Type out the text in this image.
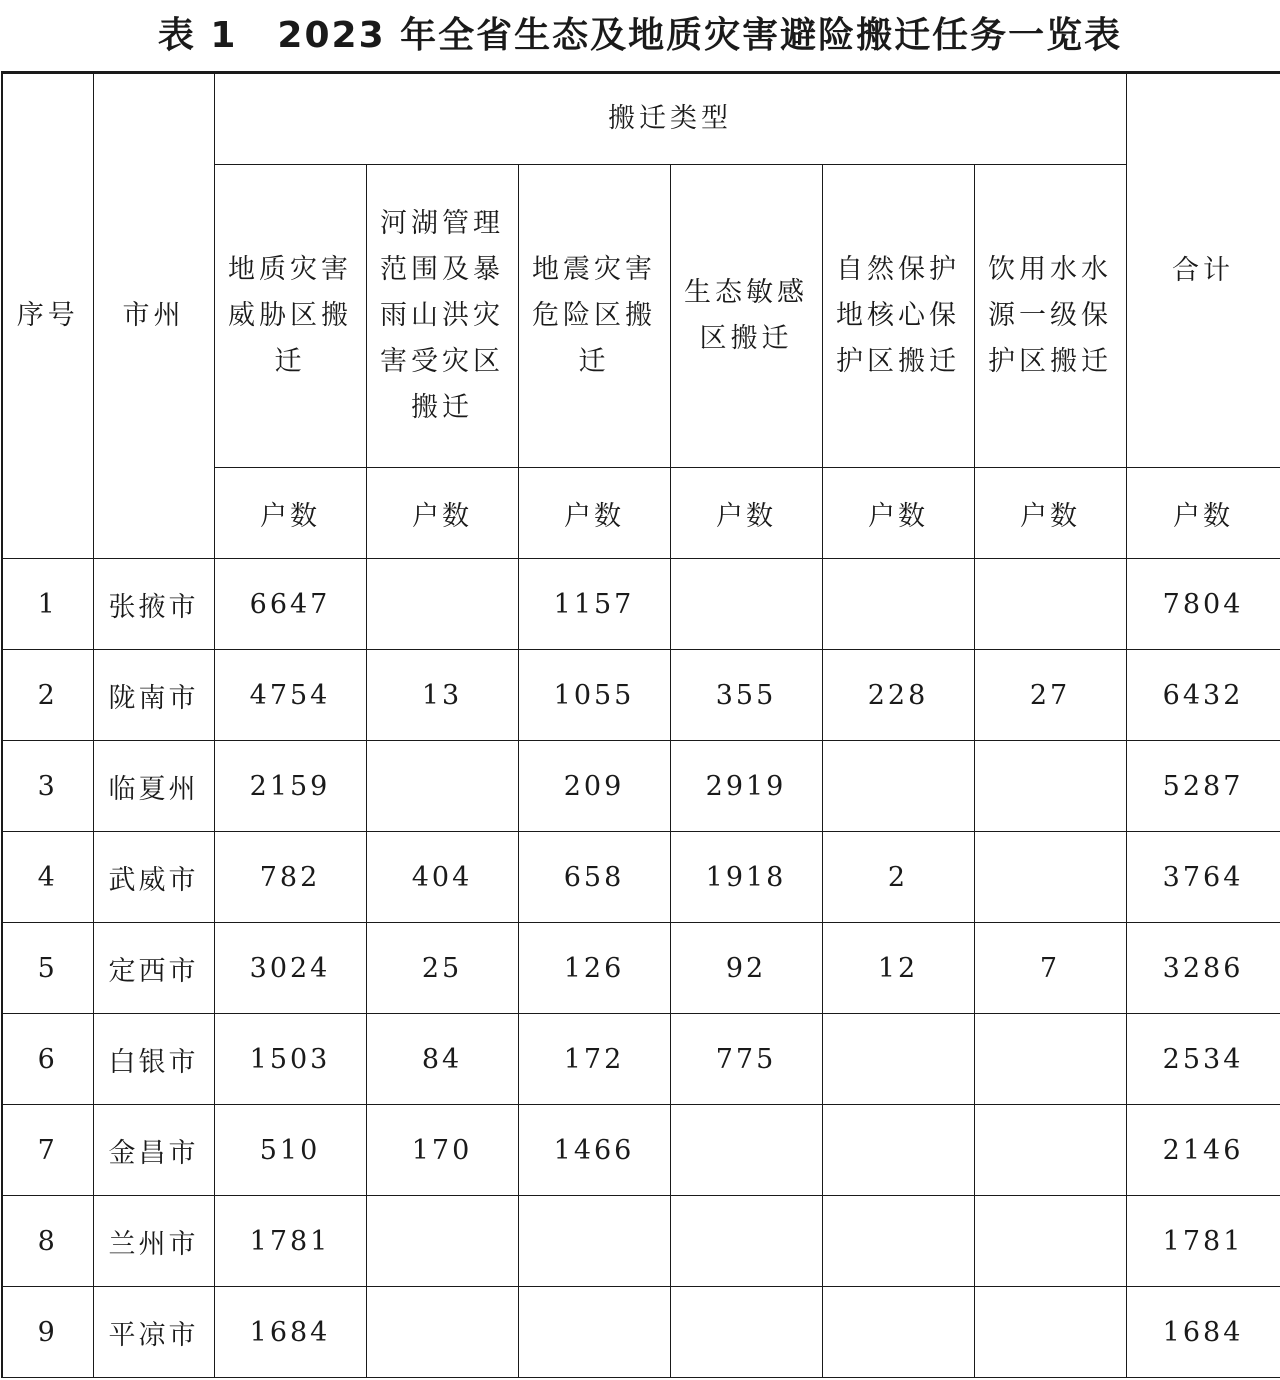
表 1 2023 年全省生态及地质灾害避险搬迁任务一览表
序号	市州	搬迁类型						合计
		地质灾害威胁区搬迁	河湖管理范围及暴雨山洪灾害受灾区搬迁	地震灾害危险区搬迁	生态敏感区搬迁	自然保护地核心保护区搬迁	饮用水水源一级保护区搬迁	
		户数	户数	户数	户数	户数	户数	户数
1	张掖市	6647		1157				7804
2	陇南市	4754	13	1055	355	228	27	6432
3	临夏州	2159		209	2919			5287
4	武威市	782	404	658	1918	2		3764
5	定西市	3024	25	126	92	12	7	3286
6	白银市	1503	84	172	775			2534
7	金昌市	510	170	1466				2146
8	兰州市	1781						1781
9	平凉市	1684						1684
